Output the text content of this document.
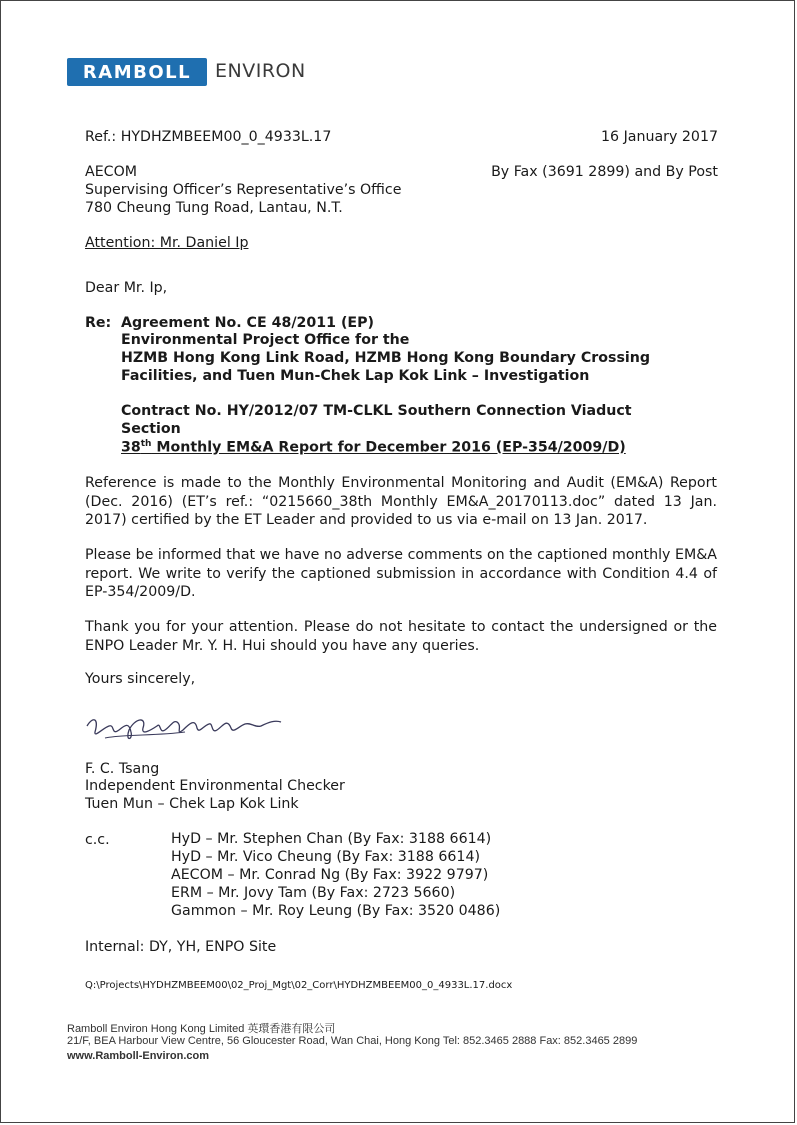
RAMBOLL ENVIRON
Ref.: HYDHZMBEEM00_0_4933L.17	16 January 2017
AECOM
Supervising Officer’s Representative’s Office
780 Cheung Tung Road, Lantau, N.T.
By Fax (3691 2899) and By Post
Attention: Mr. Daniel Ip
Dear Mr. Ip,
Re: Agreement No. CE 48/2011 (EP)
Environmental Project Office for the
HZMB Hong Kong Link Road, HZMB Hong Kong Boundary Crossing
Facilities, and Tuen Mun-Chek Lap Kok Link – Investigation
Contract No. HY/2012/07 TM-CLKL Southern Connection Viaduct
Section
38th Monthly EM&A Report for December 2016 (EP-354/2009/D)
Reference is made to the Monthly Environmental Monitoring and Audit (EM&A) Report (Dec. 2016) (ET’s ref.: “0215660_38th Monthly EM&A_20170113.doc” dated 13 Jan. 2017) certified by the ET Leader and provided to us via e-mail on 13 Jan. 2017.
Please be informed that we have no adverse comments on the captioned monthly EM&A report. We write to verify the captioned submission in accordance with Condition 4.4 of EP-354/2009/D.
Thank you for your attention. Please do not hesitate to contact the undersigned or the ENPO Leader Mr. Y. H. Hui should you have any queries.
Yours sincerely,
F. C. Tsang
Independent Environmental Checker
Tuen Mun – Chek Lap Kok Link
c.c.	HyD – Mr. Stephen Chan (By Fax: 3188 6614)
HyD – Mr. Vico Cheung (By Fax: 3188 6614)
AECOM – Mr. Conrad Ng (By Fax: 3922 9797)
ERM – Mr. Jovy Tam (By Fax: 2723 5660)
Gammon – Mr. Roy Leung (By Fax: 3520 0486)
Internal: DY, YH, ENPO Site
Q:\Projects\HYDHZMBEEM00\02_Proj_Mgt\02_Corr\HYDHZMBEEM00_0_4933L.17.docx
Ramboll Environ Hong Kong Limited 英環香港有限公司
21/F, BEA Harbour View Centre, 56 Gloucester Road, Wan Chai, Hong Kong Tel: 852.3465 2888 Fax: 852.3465 2899
www.Ramboll-Environ.com
